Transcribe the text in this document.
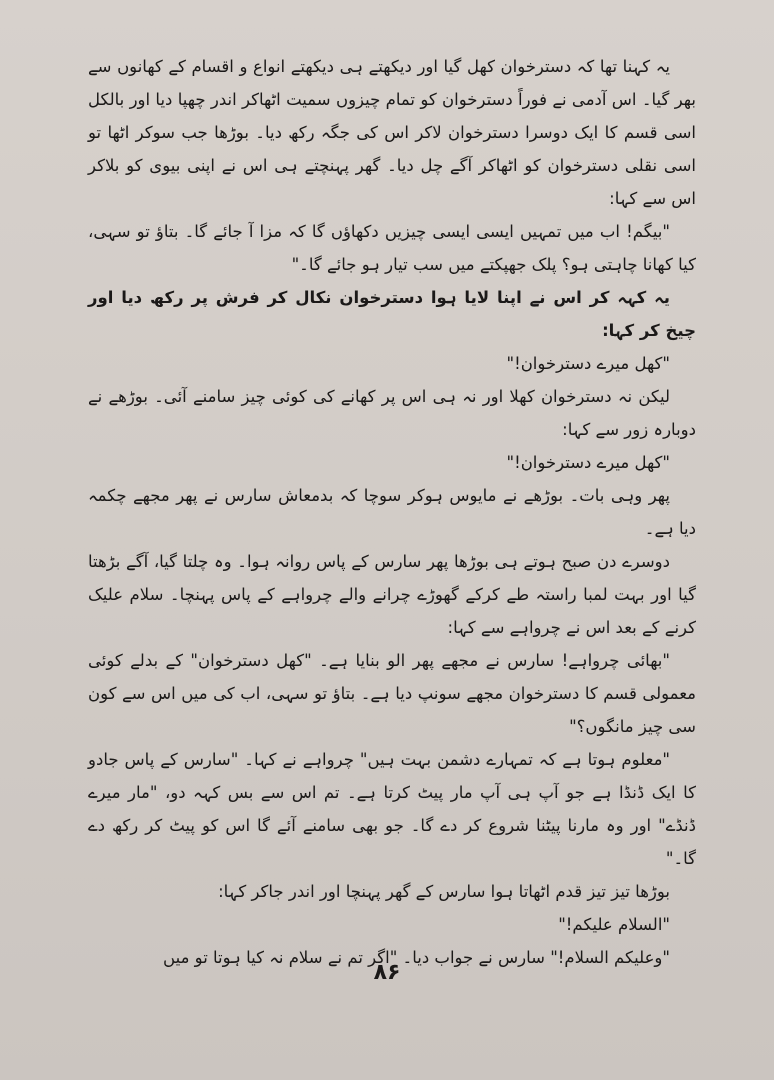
یہ کہنا تھا کہ دسترخوان کھل گیا اور دیکھتے ہی دیکھتے انواع و اقسام کے کھانوں سے بھر گیا۔ اس آدمی نے فوراً دسترخوان کو تمام چیزوں سمیت اٹھاکر اندر چھپا دیا اور بالکل اسی قسم کا ایک دوسرا دسترخوان لاکر اس کی جگہ رکھ دیا۔ بوڑھا جب سوکر اٹھا تو اسی نقلی دسترخوان کو اٹھاکر آگے چل دیا۔ گھر پہنچتے ہی اس نے اپنی بیوی کو بلاکر اس سے کہا:

"بیگم! اب میں تمہیں ایسی ایسی چیزیں دکھاؤں گا کہ مزا آ جائے گا۔ بتاؤ تو سہی، کیا کھانا چاہتی ہو؟ پلک جھپکتے میں سب تیار ہو جائے گا۔"

یہ کہہ کر اس نے اپنا لایا ہوا دسترخوان نکال کر فرش پر رکھ دیا اور چیخ کر کہا:

"کھل میرے دسترخوان!"

لیکن نہ دسترخوان کھلا اور نہ ہی اس پر کھانے کی کوئی چیز سامنے آئی۔ بوڑھے نے دوبارہ زور سے کہا:

"کھل میرے دسترخوان!"

پھر وہی بات۔ بوڑھے نے مایوس ہوکر سوچا کہ بدمعاش سارس نے پھر مجھے چکمہ دیا ہے۔

دوسرے دن صبح ہوتے ہی بوڑھا پھر سارس کے پاس روانہ ہوا۔ وہ چلتا گیا، آگے بڑھتا گیا اور بہت لمبا راستہ طے کرکے گھوڑے چرانے والے چرواہے کے پاس پہنچا۔ سلام علیک کرنے کے بعد اس نے چرواہے سے کہا:

"بھائی چرواہے! سارس نے مجھے پھر الو بنایا ہے۔ "کھل دسترخوان" کے بدلے کوئی معمولی قسم کا دسترخوان مجھے سونپ دیا ہے۔ بتاؤ تو سہی، اب کی میں اس سے کون سی چیز مانگوں؟"

"معلوم ہوتا ہے کہ تمہارے دشمن بہت ہیں" چرواہے نے کہا۔ "سارس کے پاس جادو کا ایک ڈنڈا ہے جو آپ ہی آپ مار پیٹ کرتا ہے۔ تم اس سے بس کہہ دو، "مار میرے ڈنڈے" اور وہ مارنا پیٹنا شروع کر دے گا۔ جو بھی سامنے آئے گا اس کو پیٹ کر رکھ دے گا۔"

بوڑھا تیز تیز قدم اٹھاتا ہوا سارس کے گھر پہنچا اور اندر جاکر کہا:

"السلام علیکم!"

"وعلیکم السلام!" سارس نے جواب دیا۔ "اگر تم نے سلام نہ کیا ہوتا تو میں

۸۶
